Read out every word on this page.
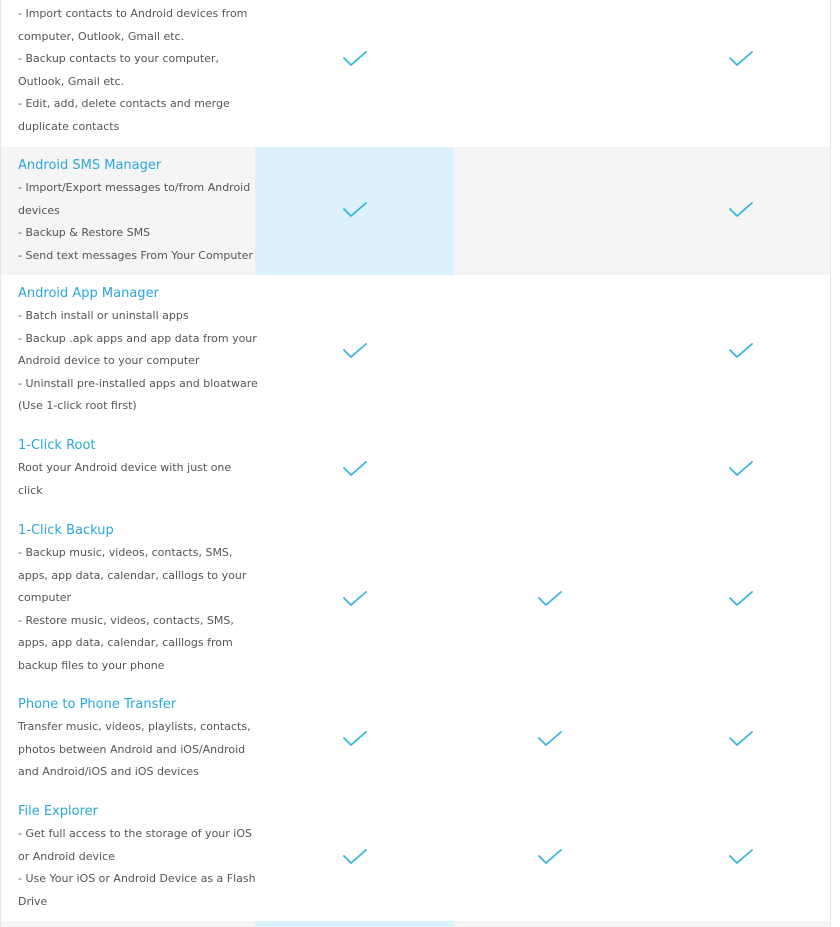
- Import contacts to Android devices from
computer, Outlook, Gmail etc.
- Backup contacts to your computer,
Outlook, Gmail etc.
- Edit, add, delete contacts and merge
duplicate contacts
Android SMS Manager
- Import/Export messages to/from Android
devices
- Backup & Restore SMS
- Send text messages From Your Computer
Android App Manager
- Batch install or uninstall apps
- Backup .apk apps and app data from your
Android device to your computer
- Uninstall pre-installed apps and bloatware
(Use 1-click root first)
1-Click Root
Root your Android device with just one
click
1-Click Backup
- Backup music, videos, contacts, SMS,
apps, app data, calendar, calllogs to your
computer
- Restore music, videos, contacts, SMS,
apps, app data, calendar, calllogs from
backup files to your phone
Phone to Phone Transfer
Transfer music, videos, playlists, contacts,
photos between Android and iOS/Android
and Android/iOS and iOS devices
File Explorer
- Get full access to the storage of your iOS
or Android device
- Use Your iOS or Android Device as a Flash
Drive
